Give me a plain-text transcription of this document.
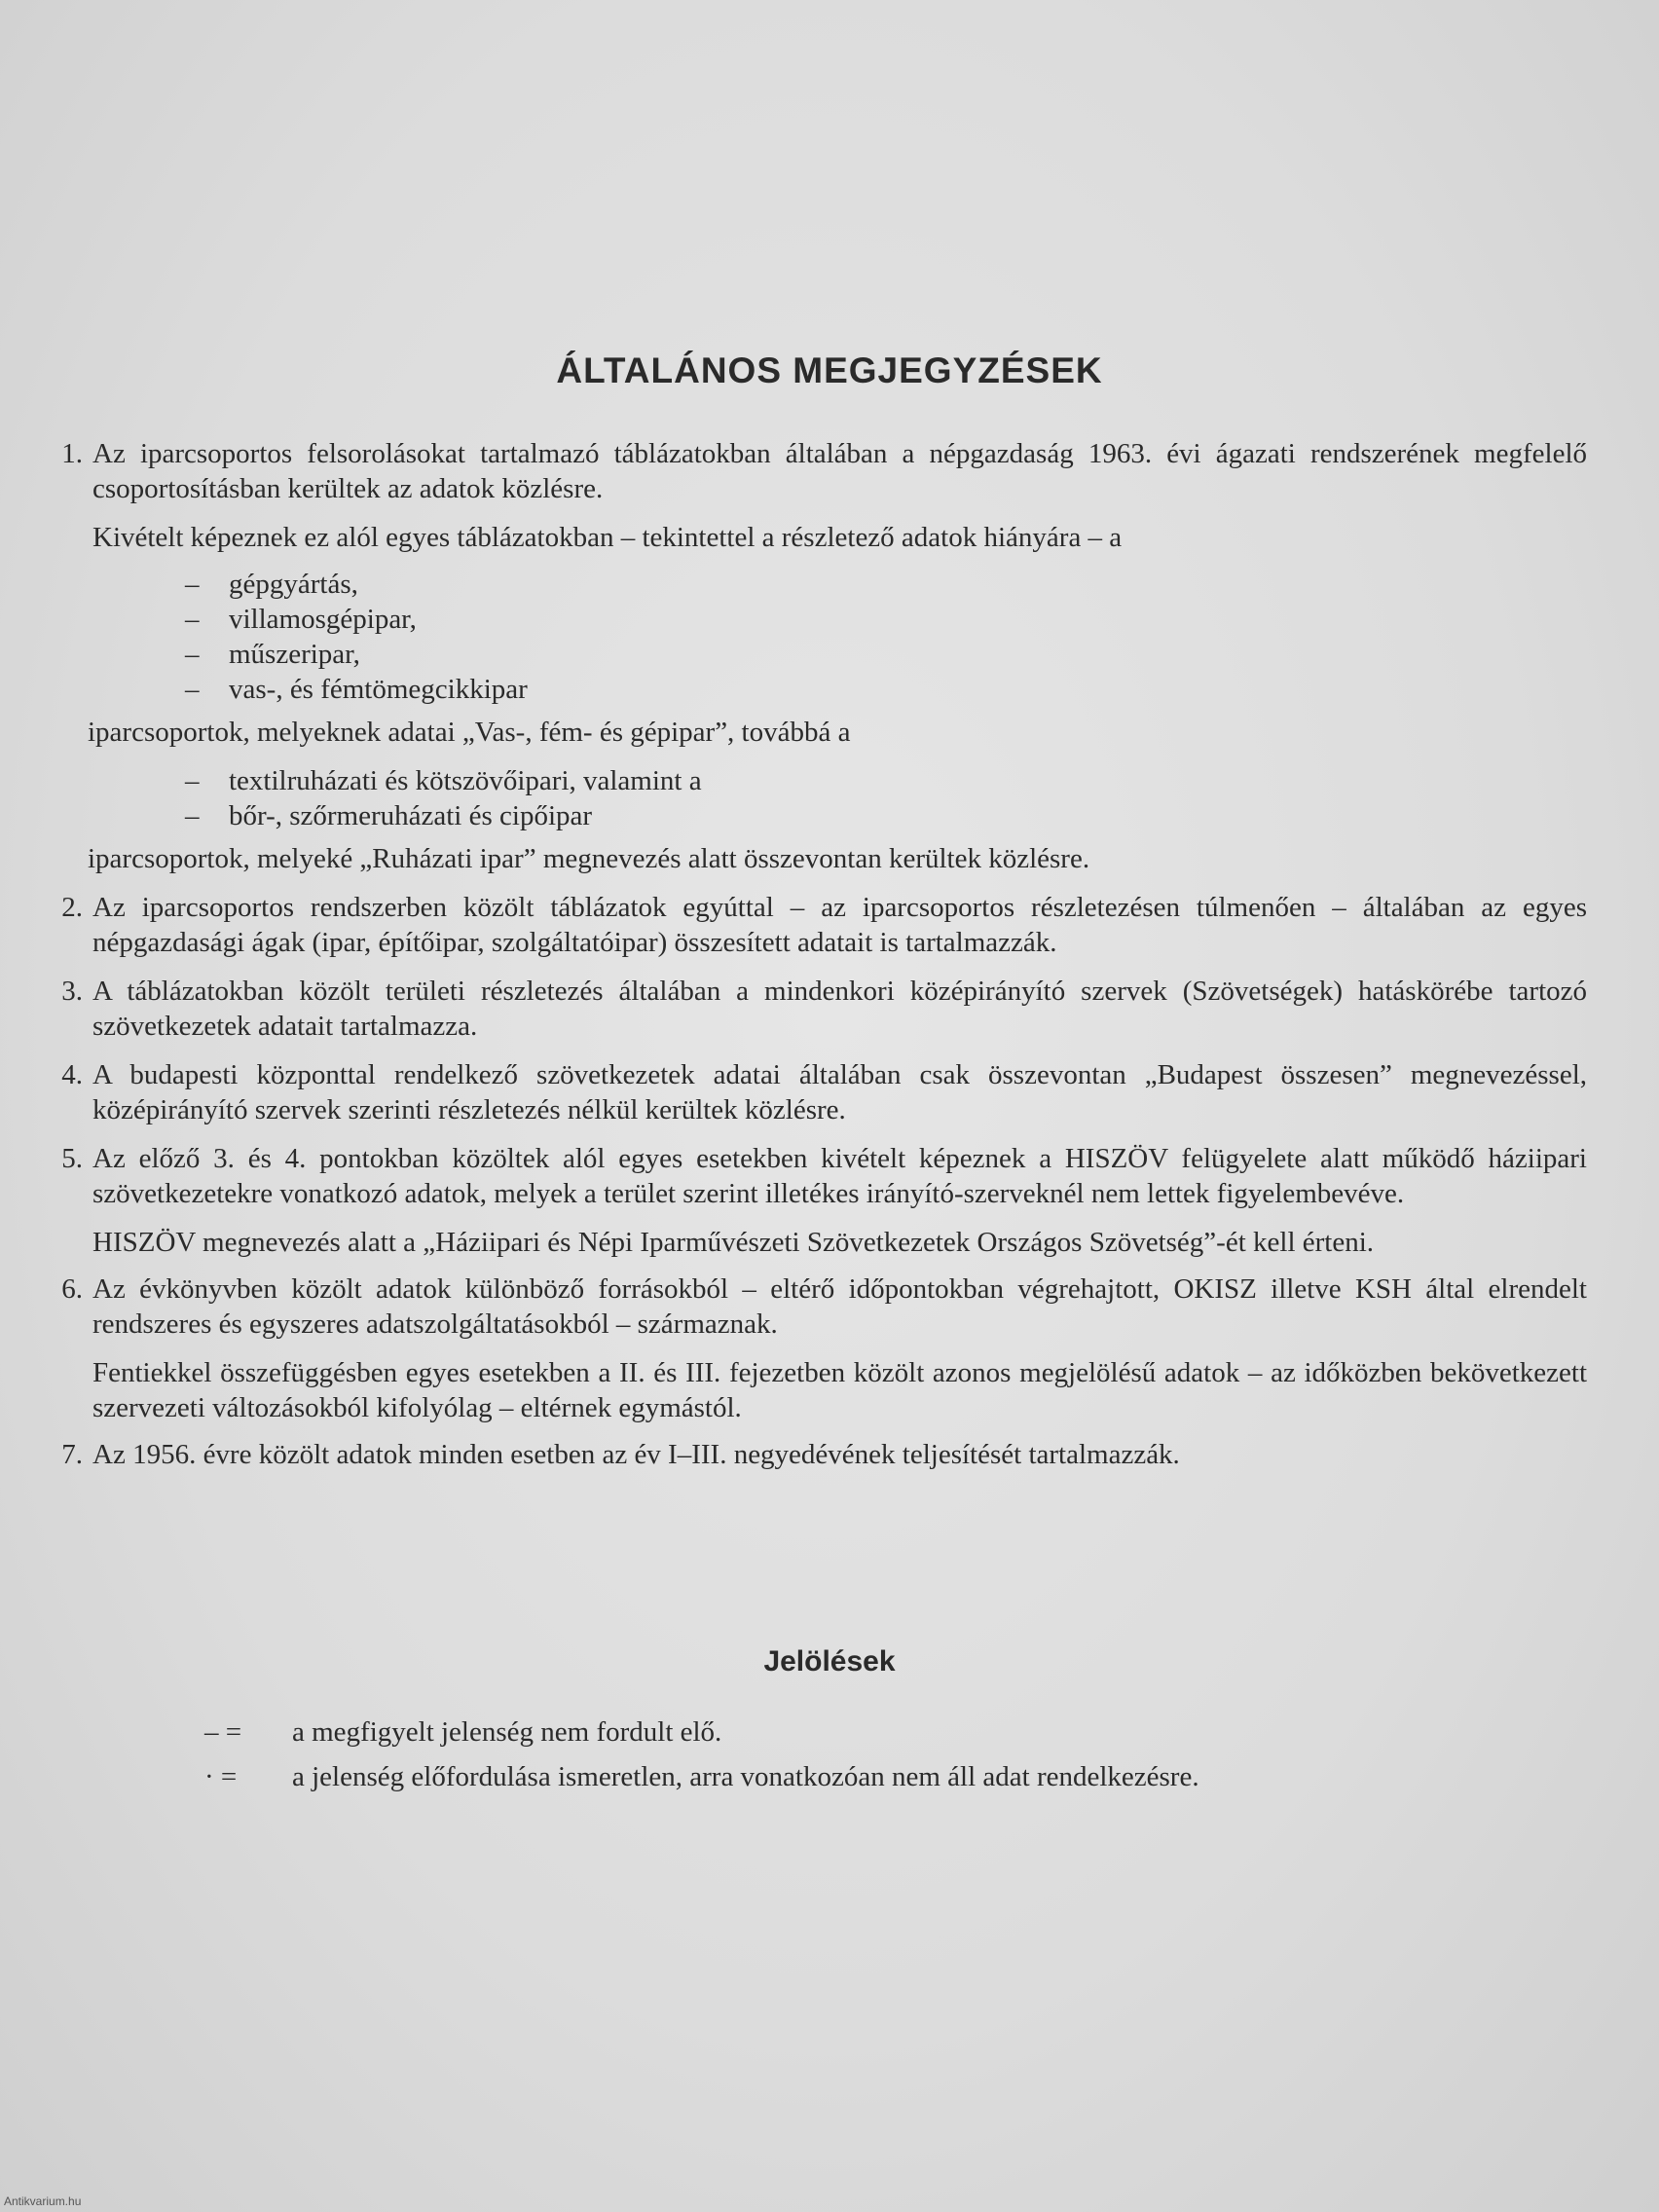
ÁLTALÁNOS MEGJEGYZÉSEK
1. Az iparcsoportos felsorolásokat tartalmazó táblázatokban általában a népgazdaság 1963. évi ágazati rendszerének megfelelő csoportosításban kerültek az adatok közlésre.
Kivételt képeznek ez alól egyes táblázatokban – tekintettel a részletező adatok hiányára – a
–	gépgyártás,
–	villamosgépipar,
–	műszeripar,
–	vas-, és fémtömegcikkipar
iparcsoportok, melyeknek adatai „Vas-, fém- és gépipar”, továbbá a
–	textilruházati és kötszövőipari, valamint a
–	bőr-, szőrmeruházati és cipőipar
iparcsoportok, melyeké „Ruházati ipar” megnevezés alatt összevontan kerültek közlésre.
2. Az iparcsoportos rendszerben közölt táblázatok egyúttal – az iparcsoportos részletezésen túlmenően – általában az egyes népgazdasági ágak (ipar, építőipar, szolgáltatóipar) összesített adatait is tartalmazzák.
3. A táblázatokban közölt területi részletezés általában a mindenkori középirányító szervek (Szövetségek) hatáskörébe tartozó szövetkezetek adatait tartalmazza.
4. A budapesti központtal rendelkező szövetkezetek adatai általában csak összevontan „Budapest összesen” megnevezéssel, középirányító szervek szerinti részletezés nélkül kerültek közlésre.
5. Az előző 3. és 4. pontokban közöltek alól egyes esetekben kivételt képeznek a HISZÖV felügyelete alatt működő háziipari szövetkezetekre vonatkozó adatok, melyek a terület szerint illetékes irányító-szerveknél nem lettek figyelembevéve.
HISZÖV megnevezés alatt a „Háziipari és Népi Iparművészeti Szövetkezetek Országos Szövetség”-ét kell érteni.
6. Az évkönyvben közölt adatok különböző forrásokból – eltérő időpontokban végrehajtott, OKISZ illetve KSH által elrendelt rendszeres és egyszeres adatszolgáltatásokból – származnak.
Fentiekkel összefüggésben egyes esetekben a II. és III. fejezetben közölt azonos megjelölésű adatok – az időközben bekövetkezett szervezeti változásokból kifolyólag – eltérnek egymástól.
7. Az 1956. évre közölt adatok minden esetben az év I–III. negyedévének teljesítését tartalmazzák.
Jelölések
– =	a megfigyelt jelenség nem fordult elő.
· =	a jelenség előfordulása ismeretlen, arra vonatkozóan nem áll adat rendelkezésre.
Antikvarium.hu
